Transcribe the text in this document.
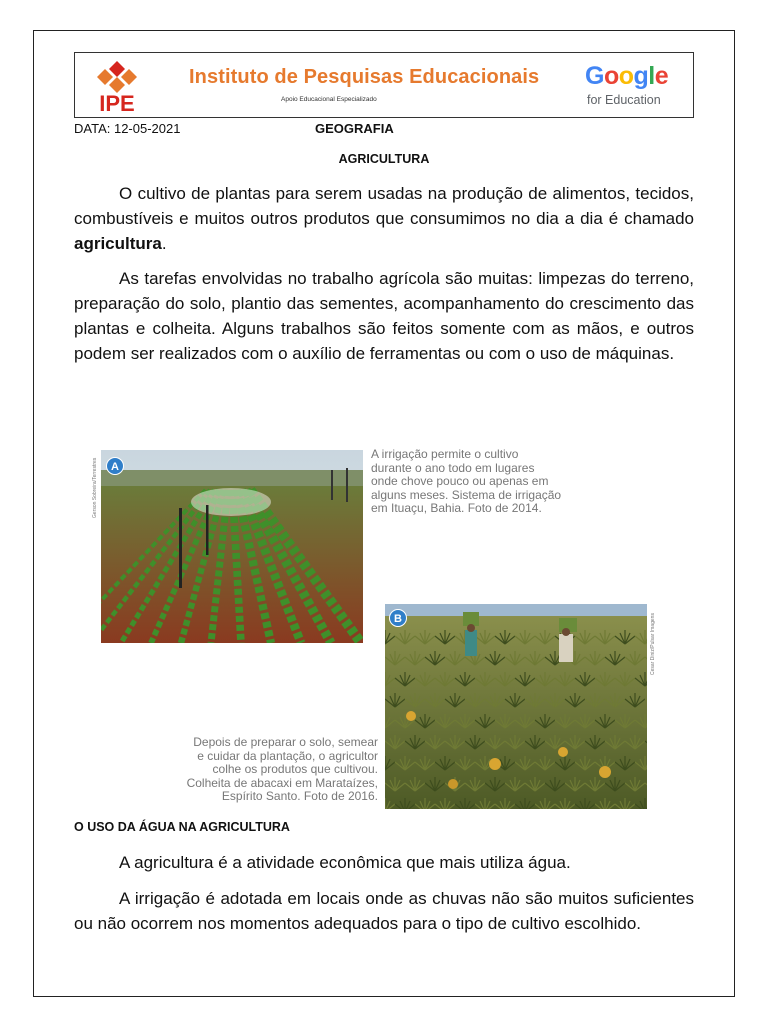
IPE
Instituto de Pesquisas Educacionais
Apoio Educacional Especializado
Google
for Education
DATA: 12-05-2021	GEOGRAFIA
AGRICULTURA

O cultivo de plantas para serem usadas na produção de alimentos, tecidos, combustíveis e muitos outros produtos que consumimos no dia a dia é chamado agricultura.

As tarefas envolvidas no trabalho agrícola são muitas: limpezas do terreno, preparação do solo, plantio das sementes, acompanhamento do crescimento das plantas e colheita. Alguns trabalhos são feitos somente com as mãos, e outros podem ser realizados com o auxílio de ferramentas ou com o uso de máquinas.

A
Gerson Sobreira/Terrestres
A irrigação permite o cultivo
durante o ano todo em lugares
onde chove pouco ou apenas em
alguns meses. Sistema de irrigação
em Ituaçu, Bahia. Foto de 2014.
B	Cesar Diniz/Pulsar Imagens
Depois de preparar o solo, semear
e cuidar da plantação, o agricultor
colhe os produtos que cultivou.
Colheita de abacaxi em Marataízes,
Espírito Santo. Foto de 2016.
O USO DA ÁGUA NA AGRICULTURA

A agricultura é a atividade econômica que mais utiliza água.

A irrigação é adotada em locais onde as chuvas não são muitos suficientes ou não ocorrem nos momentos adequados para o tipo de cultivo escolhido.
